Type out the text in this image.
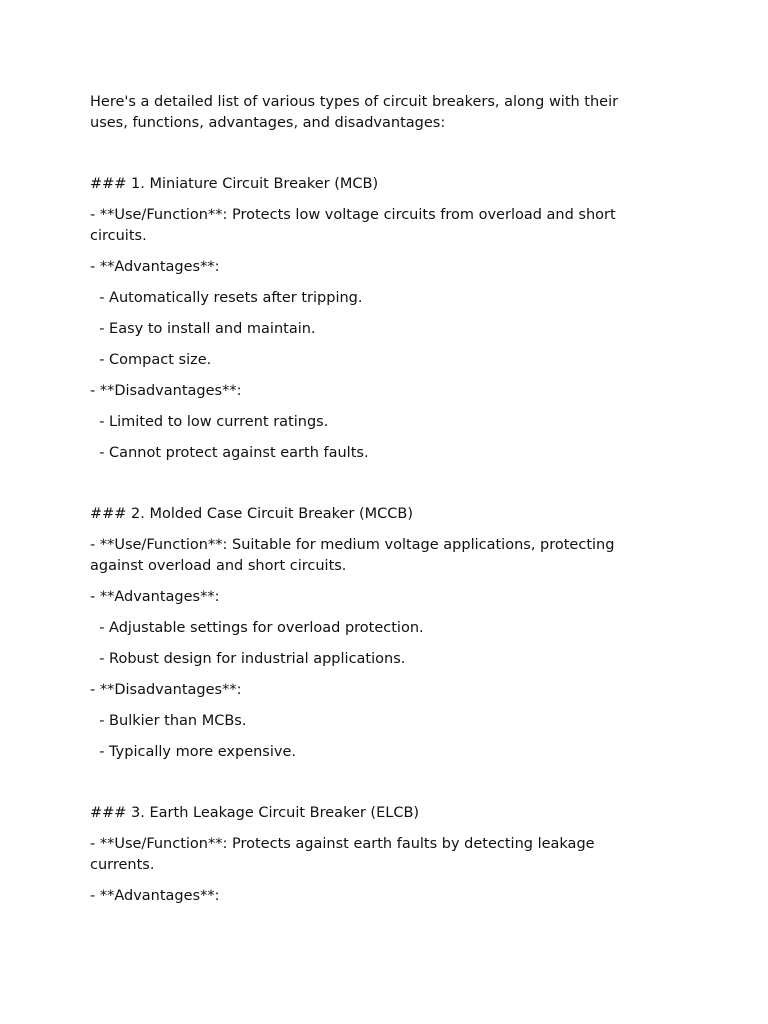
Here's a detailed list of various types of circuit breakers, along with their uses, functions, advantages, and disadvantages:
### 1. Miniature Circuit Breaker (MCB)
- **Use/Function**: Protects low voltage circuits from overload and short circuits.
- **Advantages**:
- Automatically resets after tripping.
- Easy to install and maintain.
- Compact size.
- **Disadvantages**:
- Limited to low current ratings.
- Cannot protect against earth faults.
### 2. Molded Case Circuit Breaker (MCCB)
- **Use/Function**: Suitable for medium voltage applications, protecting against overload and short circuits.
- **Advantages**:
- Adjustable settings for overload protection.
- Robust design for industrial applications.
- **Disadvantages**:
- Bulkier than MCBs.
- Typically more expensive.
### 3. Earth Leakage Circuit Breaker (ELCB)
- **Use/Function**: Protects against earth faults by detecting leakage currents.
- **Advantages**:
